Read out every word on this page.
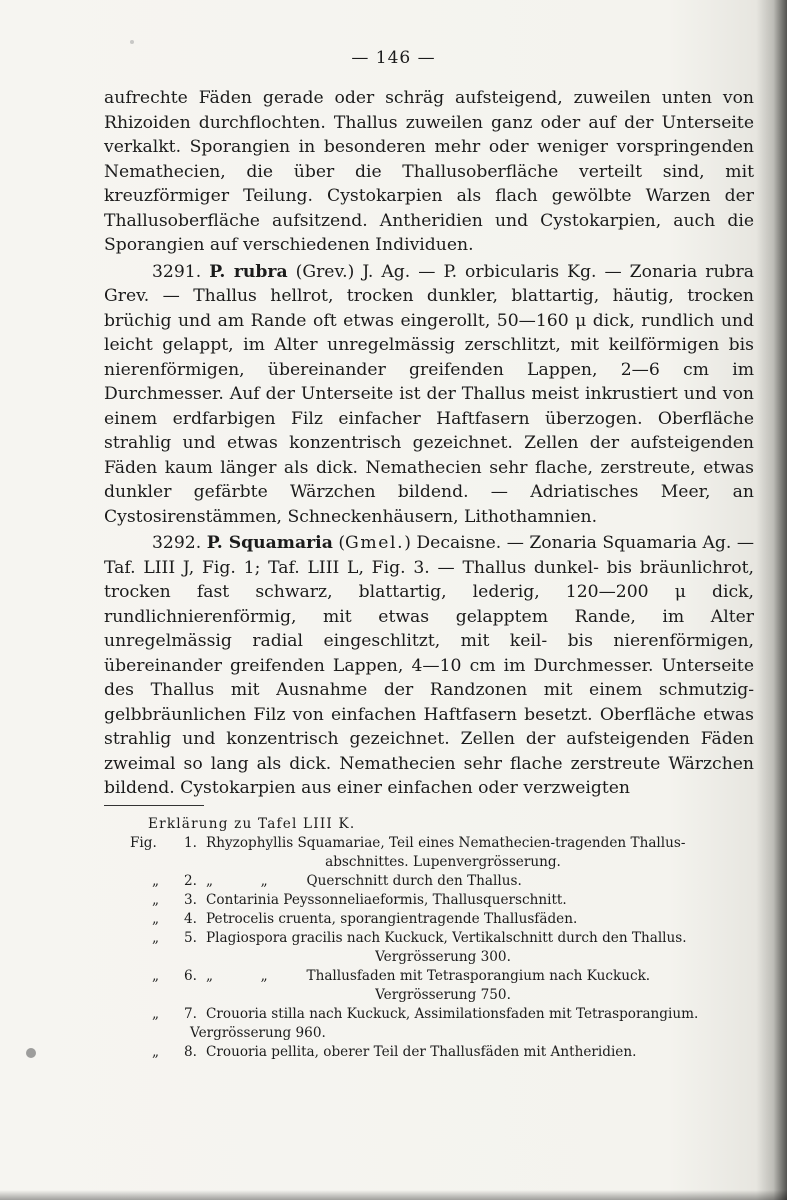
— 146 —

aufrechte Fäden gerade oder schräg aufsteigend, zuweilen unten von Rhizoiden durchflochten. Thallus zuweilen ganz oder auf der Unterseite verkalkt. Sporangien in besonderen mehr oder weniger vorspringenden Nemathecien, die über die Thallusoberfläche verteilt sind, mit kreuzförmiger Teilung. Cystokarpien als flach gewölbte Warzen der Thallusoberfläche aufsitzend. Antheridien und Cystokarpien, auch die Sporangien auf verschiedenen Individuen.

3291. P. rubra (Grev.) J. Ag. — P. orbicularis Kg. — Zonaria rubra Grev. — Thallus hellrot, trocken dunkler, blattartig, häutig, trocken brüchig und am Rande oft etwas eingerollt, 50—160 μ dick, rundlich und leicht gelappt, im Alter unregelmässig zerschlitzt, mit keilförmigen bis nierenförmigen, übereinander greifenden Lappen, 2—6 cm im Durchmesser. Auf der Unterseite ist der Thallus meist inkrustiert und von einem erdfarbigen Filz einfacher Haftfasern überzogen. Oberfläche strahlig und etwas konzentrisch gezeichnet. Zellen der aufsteigenden Fäden kaum länger als dick. Nemathecien sehr flache, zerstreute, etwas dunkler gefärbte Wärzchen bildend. — Adriatisches Meer, an Cystosirenstämmen, Schneckenhäusern, Lithothamnien.

3292. P. Squamaria (Gmel.) Decaisne. — Zonaria Squamaria Ag. — Taf. LIII J, Fig. 1; Taf. LIII L, Fig. 3. — Thallus dunkel- bis bräunlichrot, trocken fast schwarz, blattartig, lederig, 120—200 μ dick, rundlichnierenförmig, mit etwas gelapptem Rande, im Alter unregelmässig radial eingeschlitzt, mit keil- bis nierenförmigen, übereinander greifenden Lappen, 4—10 cm im Durchmesser. Unterseite des Thallus mit Ausnahme der Randzonen mit einem schmutzig-gelbbräunlichen Filz von einfachen Haftfasern besetzt. Oberfläche etwas strahlig und konzentrisch gezeichnet. Zellen der aufsteigenden Fäden zweimal so lang als dick. Nemathecien sehr flache zerstreute Wärzchen bildend. Cystokarpien aus einer einfachen oder verzweigten

Erklärung zu Tafel LIII K.
Fig.	1. Rhyzophyllis Squamariae, Teil eines Nemathecien-tragenden Thallus-
abschnittes. Lupenvergrösserung.
„	2. „           „         Querschnitt durch den Thallus.
„	3. Contarinia Peyssonneliaeformis, Thallusquerschnitt.
„	4. Petrocelis cruenta, sporangientragende Thallusfäden.
„	5. Plagiospora gracilis nach Kuckuck, Vertikalschnitt durch den Thallus.
Vergrösserung 300.
„	6. „           „         Thallusfaden mit Tetrasporangium nach Kuckuck.
Vergrösserung 750.
„	7. Crouoria stilla nach Kuckuck, Assimilationsfaden mit Tetrasporangium.
Vergrösserung 960.
„	8. Crouoria pellita, oberer Teil der Thallusfäden mit Antheridien.
